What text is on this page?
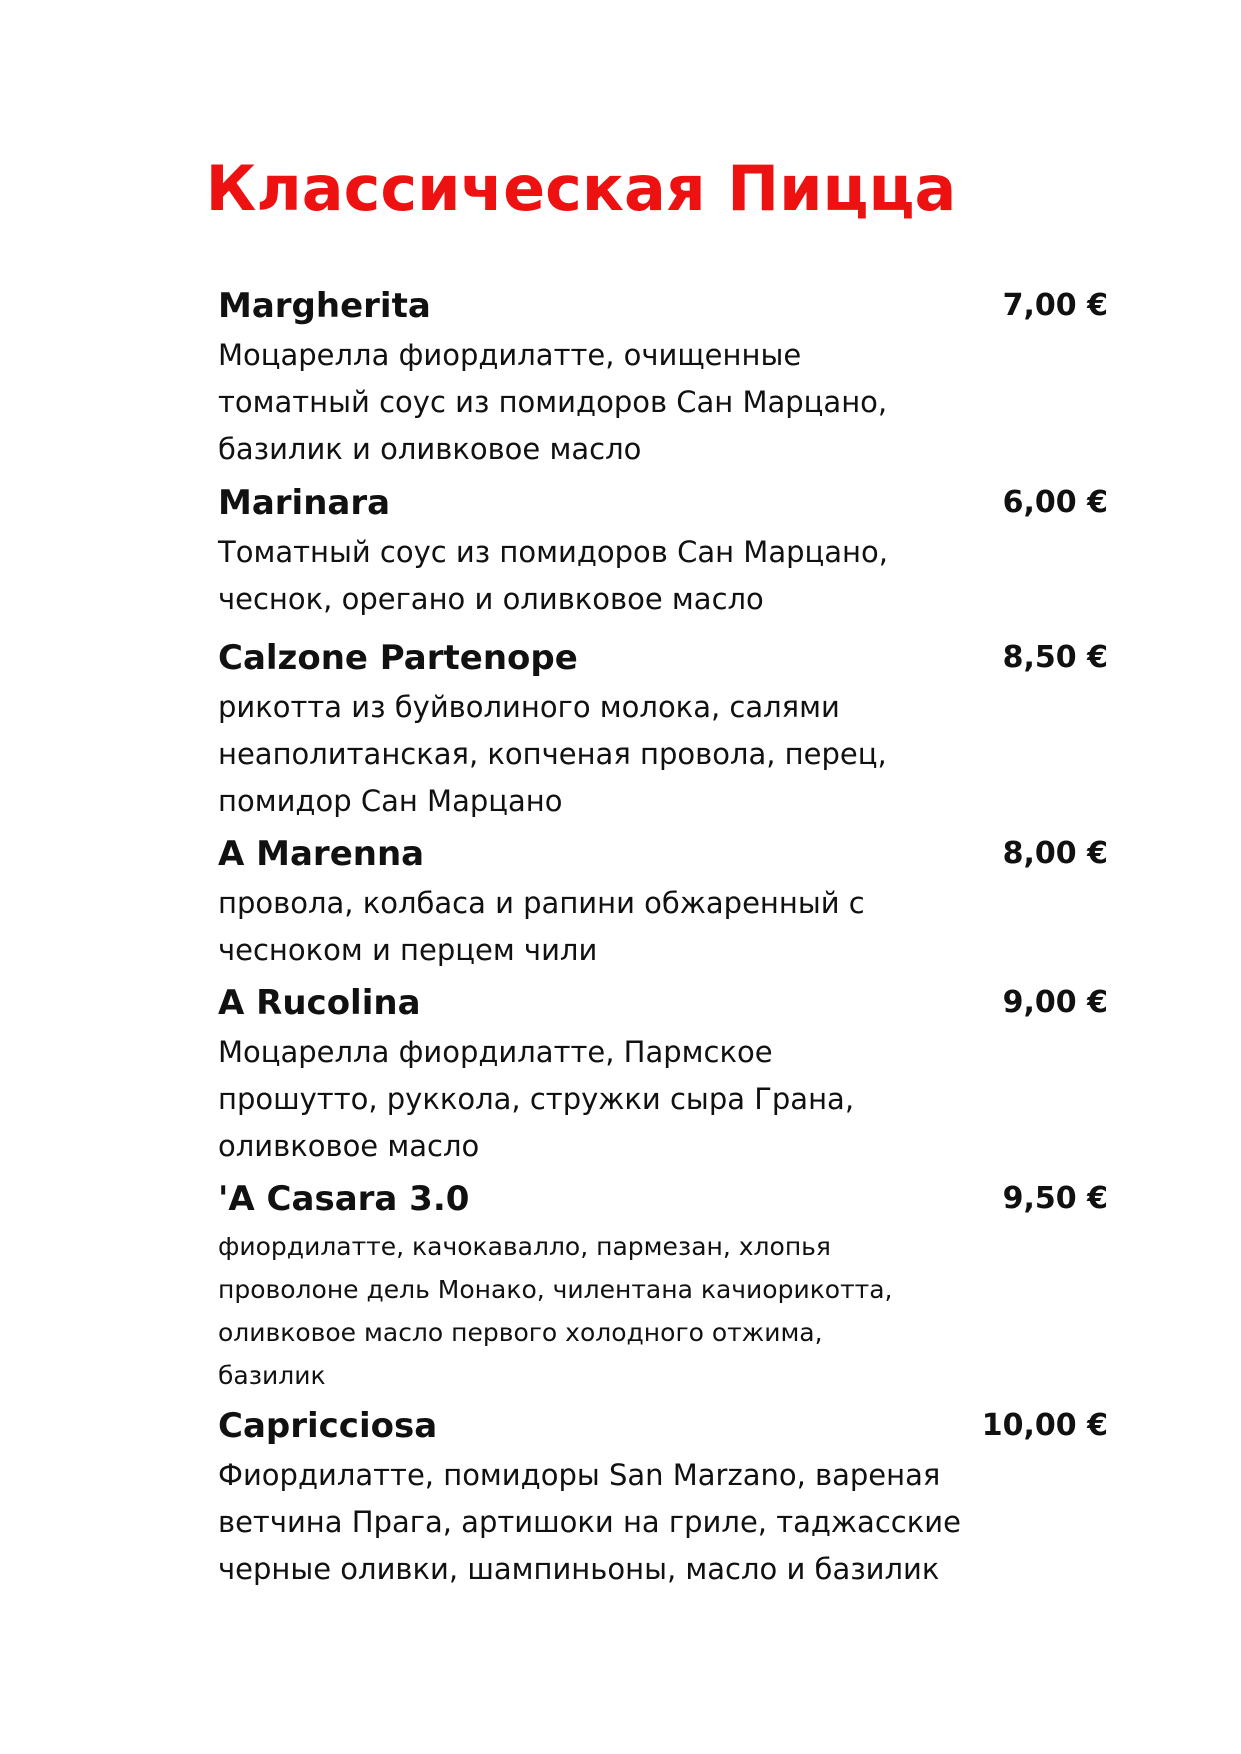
Классическая Пицца
Margherita	7,00 €
Моцарелла фиордилатте, очищенные
томатный соус из помидоров Сан Марцано,
базилик и оливковое масло
Marinara	6,00 €
Томатный соус из помидоров Сан Марцано,
чеснок, орегано и оливковое масло
Calzone Partenope	8,50 €
рикотта из буйволиного молока, салями
неаполитанская, копченая провола, перец,
помидор Сан Марцано
A Marenna	8,00 €
провола, колбаса и рапини обжаренный с
чесноком и перцем чили
A Rucolina	9,00 €
Моцарелла фиордилатте, Пармское
прошутто, руккола, стружки сыра Грана,
оливковое масло
'A Casara 3.0	9,50 €
фиордилатте, качокавалло, пармезан, хлопья
проволоне дель Монако, чилентана качиорикотта,
оливковое масло первого холодного отжима,
базилик
Capricciosa	10,00 €
Фиордилатте, помидоры San Marzano, вареная
ветчина Прага, артишоки на гриле, таджасские
черные оливки, шампиньоны, масло и базилик
